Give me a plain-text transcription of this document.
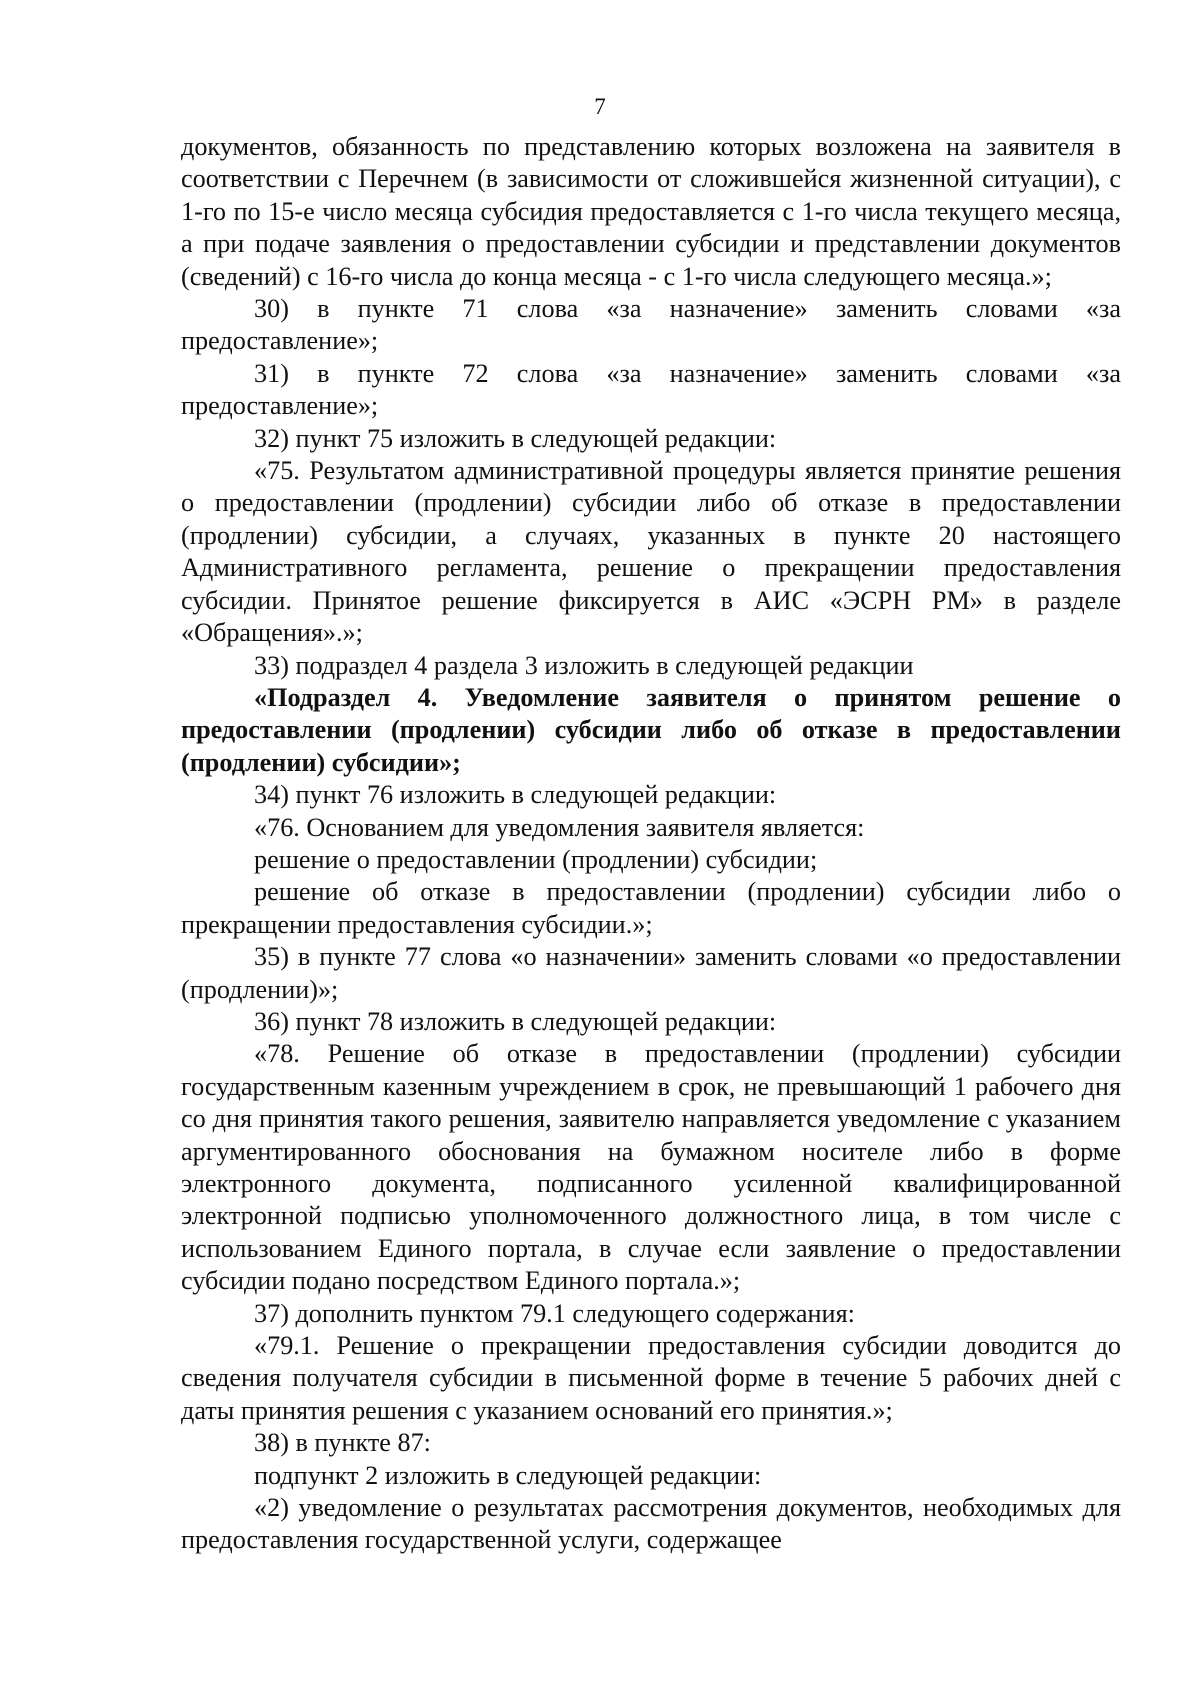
7

документов, обязанность по представлению которых возложена на заявителя в соответствии с Перечнем (в зависимости от сложившейся жизненной ситуации), с 1-го по 15-е число месяца субсидия предоставляется с 1-го числа текущего месяца, а при подаче заявления о предоставлении субсидии и представлении документов (сведений) с 16-го числа до конца месяца - с 1-го числа следующего месяца.»;

30) в пункте 71 слова «за назначение» заменить словами «за предоставление»;

31) в пункте 72 слова «за назначение» заменить словами «за предоставление»;

32) пункт 75 изложить в следующей редакции:

«75. Результатом административной процедуры является принятие решения о предоставлении (продлении) субсидии либо об отказе в предоставлении (продлении) субсидии, а случаях, указанных в пункте 20 настоящего Административного регламента, решение о прекращении предоставления субсидии. Принятое решение фиксируется в АИС «ЭСРН РМ» в разделе «Обращения».»;

33) подраздел 4 раздела 3 изложить в следующей редакции

«Подраздел 4. Уведомление заявителя о принятом решение о предоставлении (продлении) субсидии либо об отказе в предоставлении (продлении) субсидии»;

34) пункт 76 изложить в следующей редакции:

«76. Основанием для уведомления заявителя является:

решение о предоставлении (продлении) субсидии;

решение об отказе в предоставлении (продлении) субсидии либо о прекращении предоставления субсидии.»;

35) в пункте 77 слова «о назначении» заменить словами «о предоставлении (продлении)»;

36) пункт 78 изложить в следующей редакции:

«78. Решение об отказе в предоставлении (продлении) субсидии государственным казенным учреждением в срок, не превышающий 1 рабочего дня со дня принятия такого решения, заявителю направляется уведомление с указанием аргументированного обоснования на бумажном носителе либо в форме электронного документа, подписанного усиленной квалифицированной электронной подписью уполномоченного должностного лица, в том числе с использованием Единого портала, в случае если заявление о предоставлении субсидии подано посредством Единого портала.»;

37) дополнить пунктом 79.1 следующего содержания:

«79.1. Решение о прекращении предоставления субсидии доводится до сведения получателя субсидии в письменной форме в течение 5 рабочих дней с даты принятия решения с указанием оснований его принятия.»;

38) в пункте 87:

подпункт 2 изложить в следующей редакции:

«2) уведомление о результатах рассмотрения документов, необходимых для предоставления государственной услуги, содержащее
